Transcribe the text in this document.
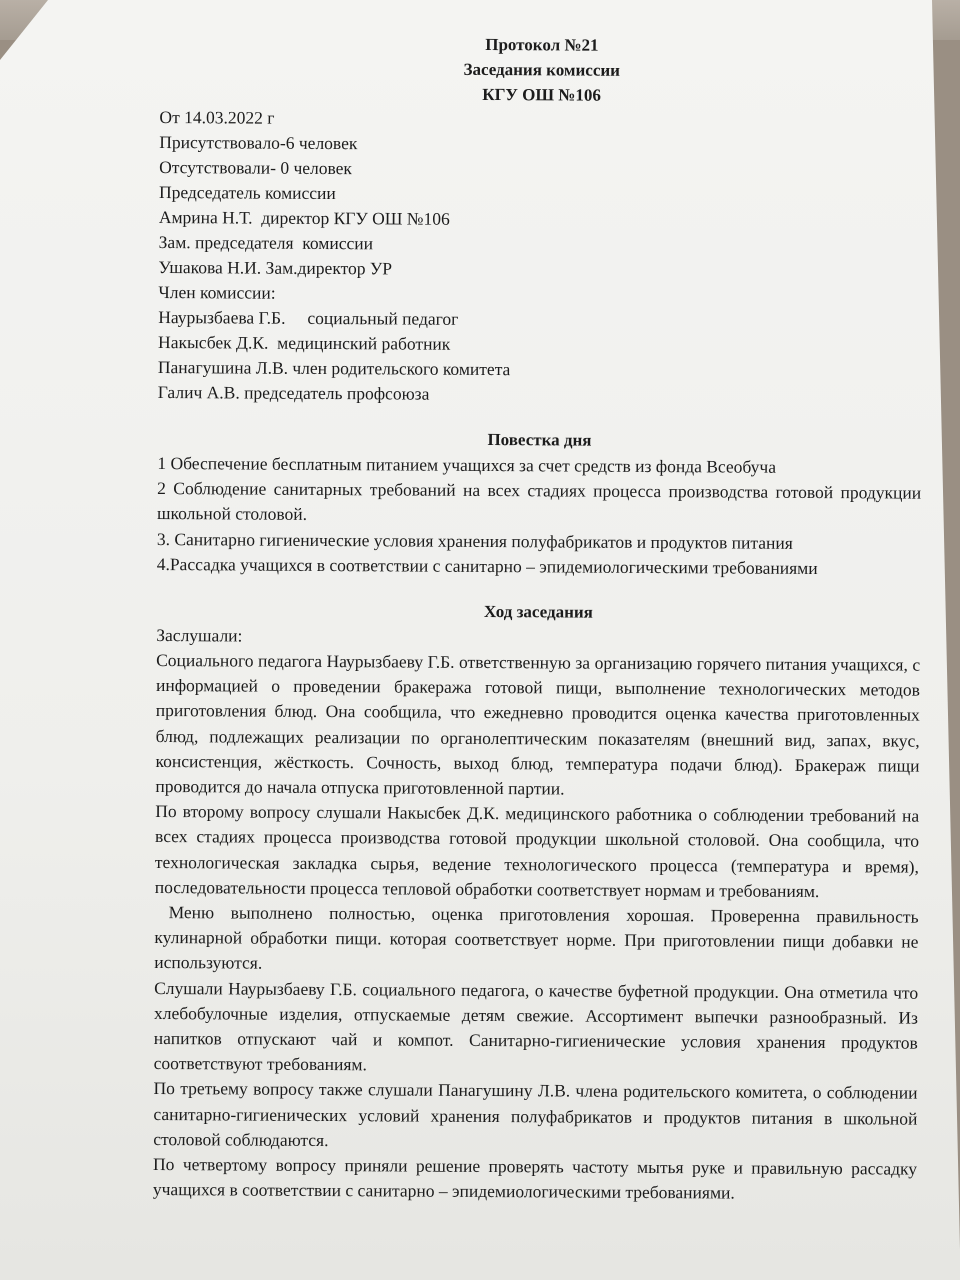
Протокол №21
Заседания комиссии
КГУ ОШ №106
От 14.03.2022 г
Присутствовало-6 человек
Отсутствовали- 0 человек
Председатель комиссии
Амрина Н.Т.  директор КГУ ОШ №106
Зам. председателя  комиссии
Ушакова Н.И. Зам.директор УР
Член комиссии:
Наурызбаева Г.Б.     социальный педагог
Накысбек Д.К.  медицинский работник
Панагушина Л.В. член родительского комитета
Галич А.В. председатель профсоюза
Повестка дня
1 Обеспечение бесплатным питанием учащихся за счет средств из фонда Всеобуча
2 Соблюдение санитарных требований на всех стадиях процесса производства готовой продукции школьной столовой.
3. Санитарно гигиенические условия хранения полуфабрикатов и продуктов питания
4.Рассадка учащихся в соответствии с санитарно – эпидемиологическими требованиями
Ход заседания
Заслушали:
Социального педагога Наурызбаеву Г.Б. ответственную за организацию горячего питания учащихся, с информацией о проведении бракеража готовой пищи, выполнение технологических методов приготовления блюд. Она сообщила, что ежедневно проводится оценка качества приготовленных блюд, подлежащих реализации по органолептическим показателям (внешний вид, запах, вкус, консистенция, жёсткость. Сочность, выход блюд, температура подачи блюд). Бракераж пищи проводится до начала отпуска приготовленной партии.
По второму вопросу слушали Накысбек Д.К. медицинского работника о соблюдении требований на всех стадиях процесса производства готовой продукции школьной столовой. Она сообщила, что технологическая закладка сырья, ведение технологического процесса (температура и время), последовательности процесса тепловой обработки соответствует нормам и требованиям.
Меню выполнено полностью, оценка приготовления хорошая. Проверенна правильность кулинарной обработки пищи. которая соответствует норме. При приготовлении пищи добавки не используются.
Слушали Наурызбаеву Г.Б. социального педагога, о качестве буфетной продукции. Она отметила что хлебобулочные изделия, отпускаемые детям свежие. Ассортимент выпечки разнообразный. Из напитков отпускают чай и компот. Санитарно-гигиенические условия хранения продуктов соответствуют требованиям.
По третьему вопросу также слушали Панагушину Л.В. члена родительского комитета, о соблюдении санитарно-гигиенических условий хранения полуфабрикатов и продуктов питания в школьной столовой соблюдаются.
По четвертому вопросу приняли решение проверять частоту мытья руке и правильную рассадку учащихся в соответствии с санитарно – эпидемиологическими требованиями.
